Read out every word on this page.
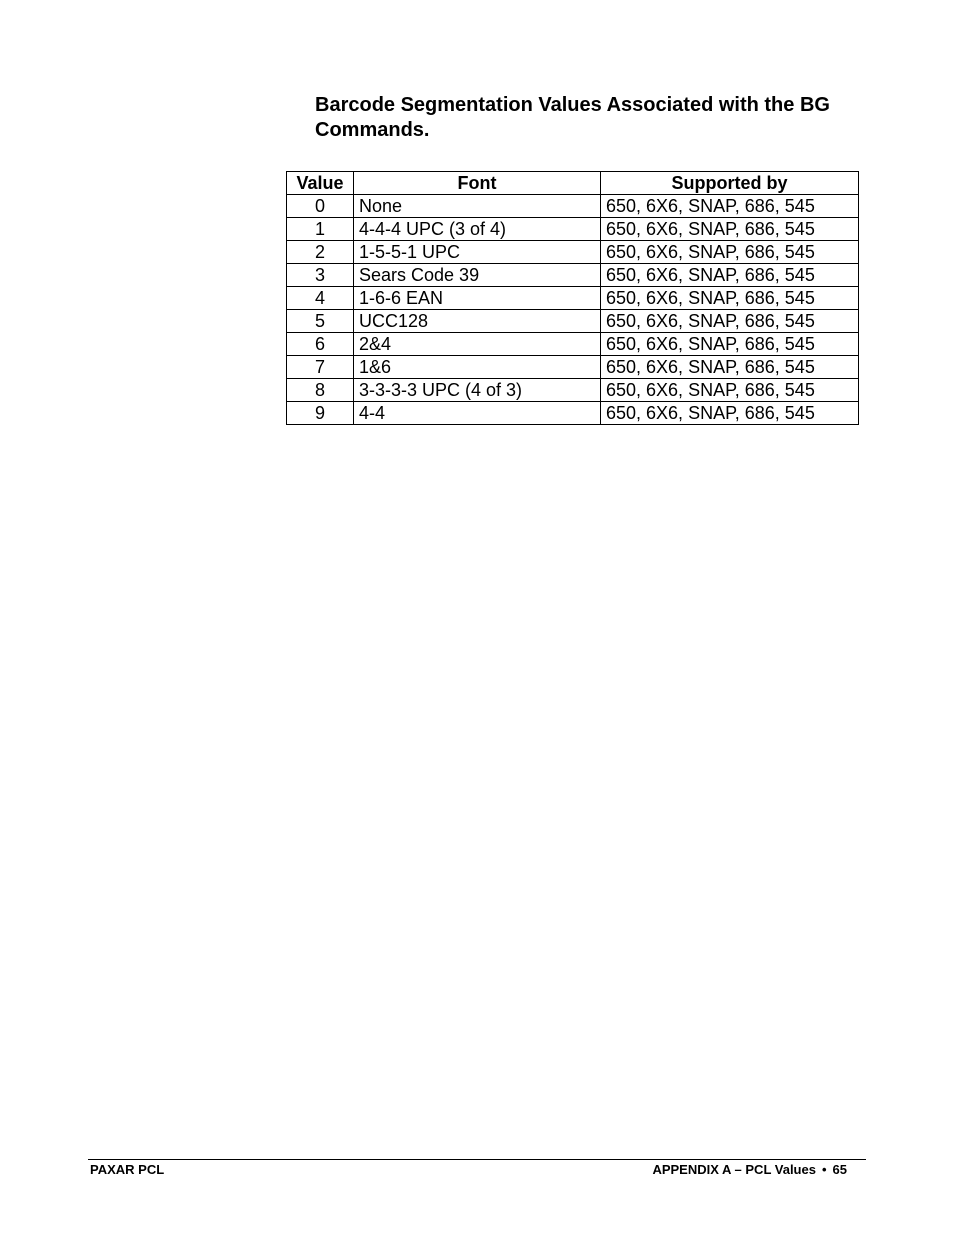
Barcode Segmentation Values Associated with the BG Commands.
Value	Font	Supported by
0	None	650, 6X6, SNAP, 686, 545
1	4-4-4 UPC (3 of 4)	650, 6X6, SNAP, 686, 545
2	1-5-5-1 UPC	650, 6X6, SNAP, 686, 545
3	Sears Code 39	650, 6X6, SNAP, 686, 545
4	1-6-6 EAN	650, 6X6, SNAP, 686, 545
5	UCC128	650, 6X6, SNAP, 686, 545
6	2&4	650, 6X6, SNAP, 686, 545
7	1&6	650, 6X6, SNAP, 686, 545
8	3-3-3-3 UPC (4 of 3)	650, 6X6, SNAP, 686, 545
9	4-4	650, 6X6, SNAP, 686, 545
PAXAR PCL	APPENDIX A – PCL Values • 65
